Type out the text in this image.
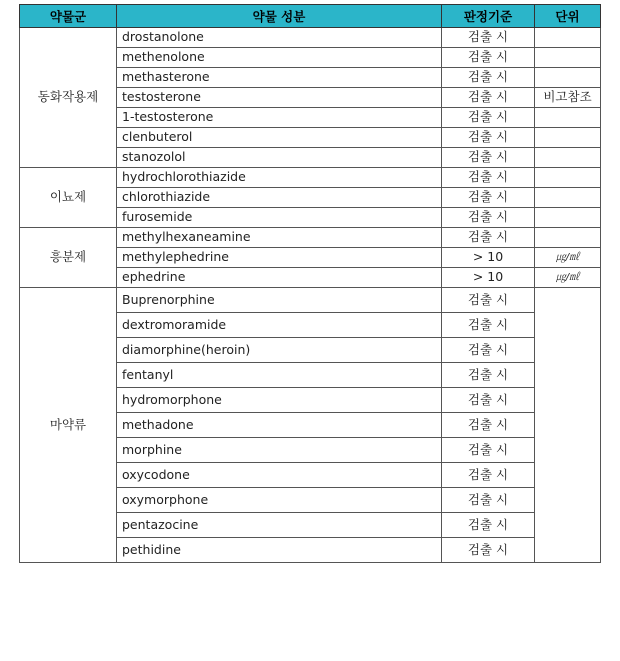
약물군	약물 성분	판정기준	단위
동화작용제	drostanolone	검출 시	
	methenolone	검출 시	
	methasterone	검출 시	
	testosterone	검출 시	비고참조
	1-testosterone	검출 시	
	clenbuterol	검출 시	
	stanozolol	검출 시	
이뇨제	hydrochlorothiazide	검출 시	
	chlorothiazide	검출 시	
	furosemide	검출 시	
흥분제	methylhexaneamine	검출 시	
	methylephedrine	> 10	㎍/㎖
	ephedrine	> 10	㎍/㎖
마약류	Buprenorphine	검출 시	
	dextromoramide	검출 시	
	diamorphine(heroin)	검출 시	
	fentanyl	검출 시	
	hydromorphone	검출 시	
	methadone	검출 시	
	morphine	검출 시	
	oxycodone	검출 시	
	oxymorphone	검출 시	
	pentazocine	검출 시	
	pethidine	검출 시	
